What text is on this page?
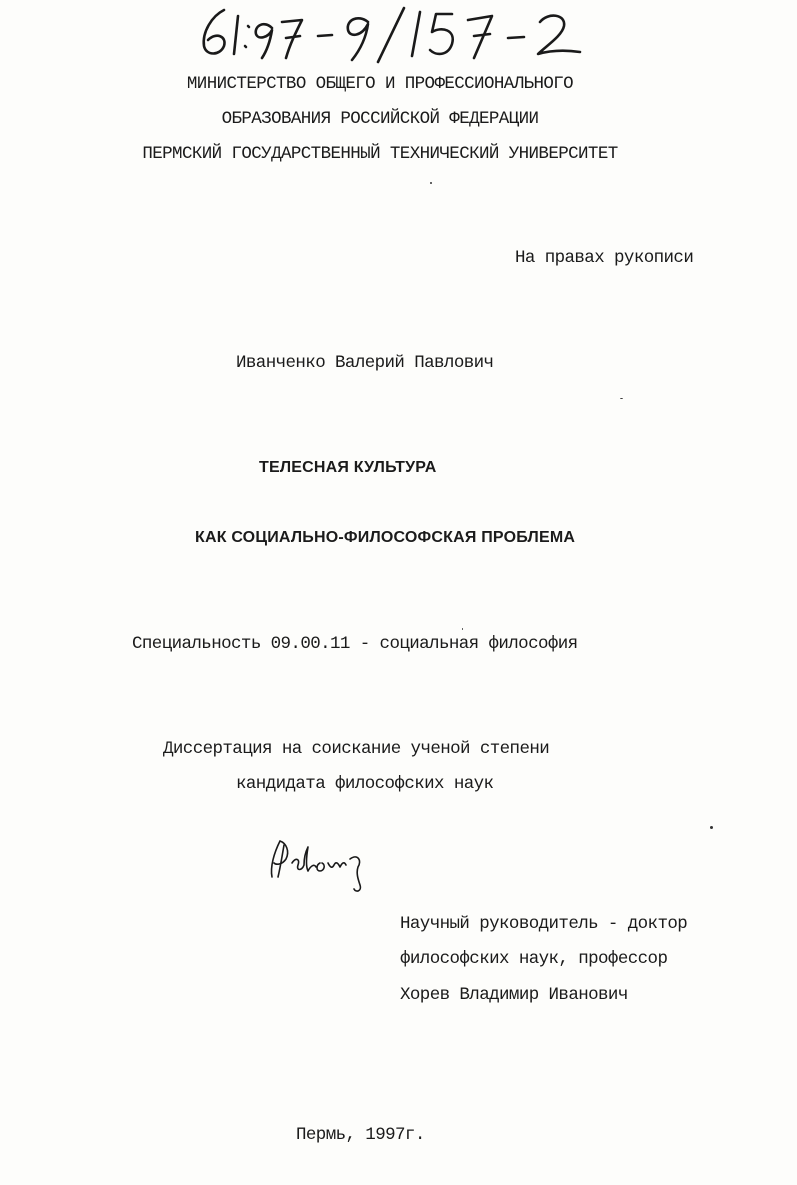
МИНИСТЕРСТВО ОБЩЕГО И ПРОФЕССИОНАЛЬНОГО
ОБРАЗОВАНИЯ РОССИЙСКОЙ ФЕДЕРАЦИИ
ПЕРМСКИЙ ГОСУДАРСТВЕННЫЙ ТЕХНИЧЕСКИЙ УНИВЕРСИТЕТ
На правах рукописи
Иванченко Валерий Павлович
ТЕЛЕСНАЯ КУЛЬТУРА
КАК СОЦИАЛЬНО-ФИЛОСОФСКАЯ ПРОБЛЕМА
Специальность 09.00.11 - социальная философия
Диссертация на соискание ученой степени
кандидата философских наук
Научный руководитель - доктор
философских наук, профессор
Хорев Владимир Иванович
Пермь, 1997г.
